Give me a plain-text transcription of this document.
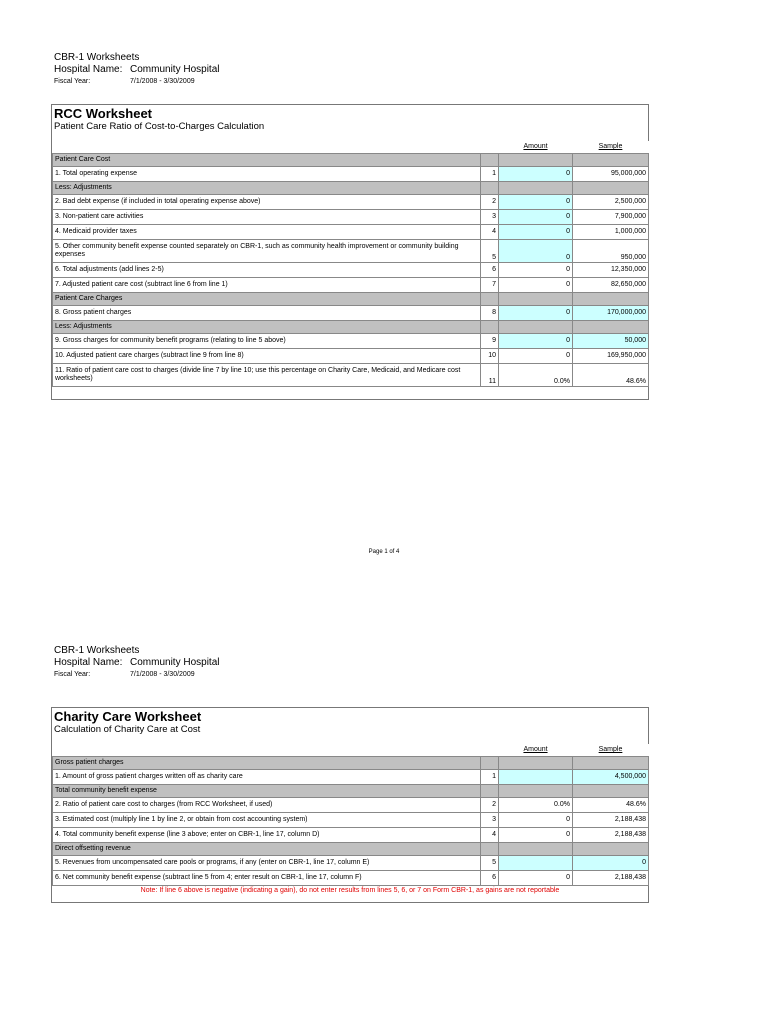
CBR-1 Worksheets
Hospital Name: Community Hospital
Fiscal Year:	7/1/2008 - 3/30/2009
RCC Worksheet
Patient Care Ratio of Cost-to-Charges Calculation
		Amount	Sample
Patient Care Cost			
1. Total operating expense	1	0	95,000,000
Less: Adjustments			
2. Bad debt expense (if included in total operating expense above)	2	0	2,500,000
3. Non-patient care activities	3	0	7,900,000
4. Medicaid provider taxes	4	0	1,000,000
5. Other community benefit expense counted separately on CBR-1, such as community health improvement or community building expenses	5	0	950,000
6. Total adjustments (add lines 2-5)	6	0	12,350,000
7. Adjusted patient care cost (subtract line 6 from line 1)	7	0	82,650,000
Patient Care Charges			
8. Gross patient charges	8	0	170,000,000
Less: Adjustments			
9. Gross charges for community benefit programs (relating to line 5 above)	9	0	50,000
10. Adjusted patient care charges (subtract line 9 from line 8)	10	0	169,950,000
11. Ratio of patient care cost to charges (divide line 7 by line 10; use this percentage on Charity Care, Medicaid, and Medicare cost worksheets)	11	0.0%	48.6%
Page 1 of 4
CBR-1 Worksheets
Hospital Name: Community Hospital
Fiscal Year:	7/1/2008 - 3/30/2009
Charity Care Worksheet
Calculation of Charity Care at Cost
		Amount	Sample
Gross patient charges			
1. Amount of gross patient charges written off as charity care	1		4,500,000
Total community benefit expense			
2. Ratio of patient care cost to charges (from RCC Worksheet, if used)	2	0.0%	48.6%
3. Estimated cost (multiply line 1 by line 2, or obtain from cost accounting system)	3	0	2,188,438
4. Total community benefit expense (line 3 above; enter on CBR-1, line 17, column D)	4	0	2,188,438
Direct offsetting revenue			
5. Revenues from uncompensated care pools or programs, if any (enter on CBR-1, line 17, column E)	5		0
6. Net community benefit expense (subtract line 5 from 4; enter result on CBR-1, line 17, column F)	6	0	2,188,438
Note: If line 6 above is negative (indicating a gain), do not enter results from lines 5, 6, or 7 on Form CBR-1, as gains are not reportable
